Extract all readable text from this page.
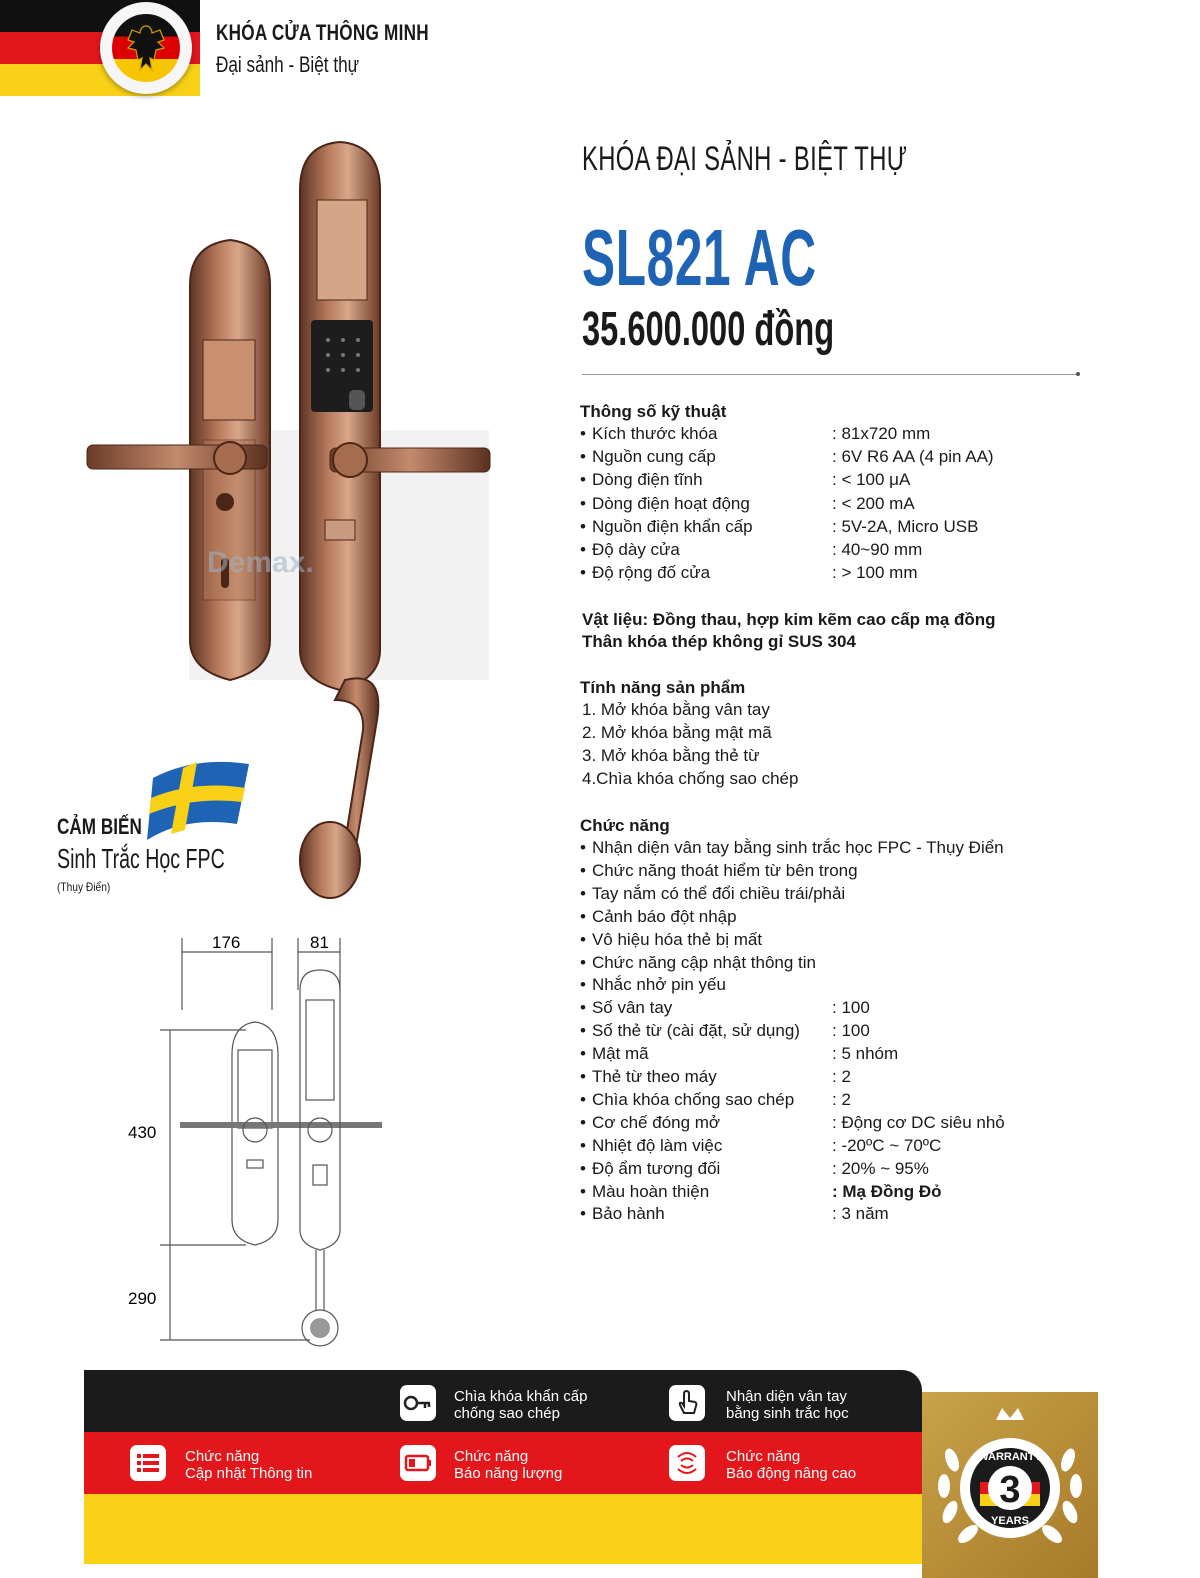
KHÓA CỬA THÔNG MINH
Đại sảnh - Biệt thự
KHÓA ĐẠI SẢNH - BIỆT THỰ
SL821 AC
35.600.000 đồng
Thông số kỹ thuật
• Kích thước khóa	: 81x720 mm
• Nguồn cung cấp	: 6V R6 AA (4 pin AA)
• Dòng điện tĩnh	: < 100 μA
• Dòng điện hoạt động	: < 200 mA
• Nguồn điện khẩn cấp	: 5V-2A, Micro USB
• Độ dày cửa	: 40~90 mm
• Độ rộng đố cửa	: > 100 mm
Vật liệu: Đồng thau, hợp kim kẽm cao cấp mạ đồng
Thân khóa thép không gỉ SUS 304
Tính năng sản phẩm
1. Mở khóa bằng vân tay
2. Mở khóa bằng mật mã
3. Mở khóa bằng thẻ từ
4.Chìa khóa chống sao chép
Chức năng
• Nhận diện vân tay bằng sinh trắc học FPC - Thụy Điển
• Chức năng thoát hiểm từ bên trong
• Tay nắm có thể đổi chiều trái/phải
• Cảnh báo đột nhập
• Vô hiệu hóa thẻ bị mất
• Chức năng cập nhật thông tin
• Nhắc nhở pin yếu
• Số vân tay	: 100
• Số thẻ từ (cài đặt, sử dụng) : 100
• Mật mã	: 5 nhóm
• Thẻ từ theo máy	: 2
• Chìa khóa chống sao chép : 2
• Cơ chế đóng mở	: Động cơ DC siêu nhỏ
• Nhiệt độ làm việc	: -20ºC ~ 70ºC
• Độ ẩm tương đối	: 20% ~ 95%
• Màu hoàn thiện	: Mạ Đồng Đỏ
• Bảo hành	: 3 năm
Demax.
CẢM BIẾN
Sinh Trắc Học FPC
(Thụy Điển)
176	81
430
290
Chìa khóa khẩn cấp
chống sao chép
Nhận diện vân tay
bằng sinh trắc học
Chức năng
Cập nhật Thông tin
Chức năng
Báo năng lượng
Chức năng
Báo động nâng cao	3
WARRANTY
YEARS
